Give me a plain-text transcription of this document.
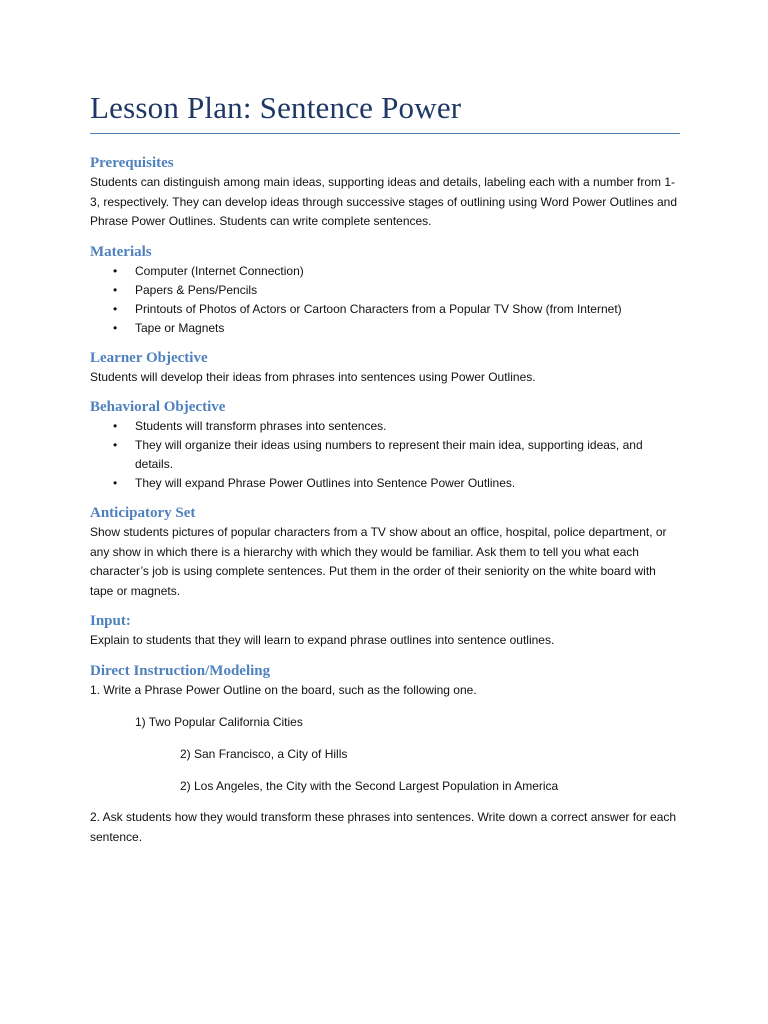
Lesson Plan: Sentence Power
Prerequisites

Students can distinguish among main ideas, supporting ideas and details, labeling each with a number from 1-3, respectively. They can develop ideas through successive stages of outlining using Word Power Outlines and Phrase Power Outlines. Students can write complete sentences.

Materials
• Computer (Internet Connection)
• Papers & Pens/Pencils
• Printouts of Photos of Actors or Cartoon Characters from a Popular TV Show (from Internet)
• Tape or Magnets
Learner Objective

Students will develop their ideas from phrases into sentences using Power Outlines.

Behavioral Objective
• Students will transform phrases into sentences.
• They will organize their ideas using numbers to represent their main idea, supporting ideas, and details.
• They will expand Phrase Power Outlines into Sentence Power Outlines.
Anticipatory Set

Show students pictures of popular characters from a TV show about an office, hospital, police department, or any show in which there is a hierarchy with which they would be familiar. Ask them to tell you what each character’s job is using complete sentences. Put them in the order of their seniority on the white board with tape or magnets.

Input:

Explain to students that they will learn to expand phrase outlines into sentence outlines.

Direct Instruction/Modeling

1. Write a Phrase Power Outline on the board, such as the following one.

1) Two Popular California Cities

2) San Francisco, a City of Hills

2) Los Angeles, the City with the Second Largest Population in America

2. Ask students how they would transform these phrases into sentences. Write down a correct answer for each sentence.
